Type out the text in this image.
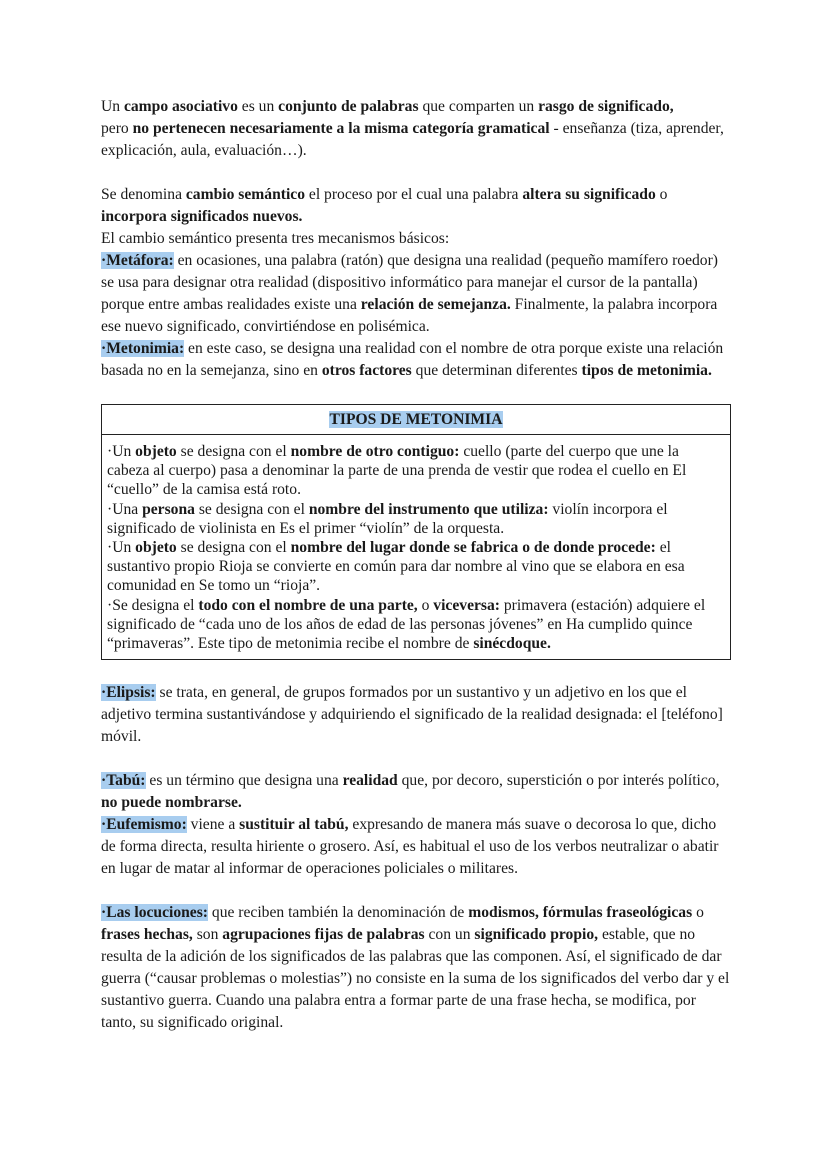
Un campo asociativo es un conjunto de palabras que comparten un rasgo de significado,
pero no pertenecen necesariamente a la misma categoría gramatical - enseñanza (tiza, aprender, explicación, aula, evaluación…).

Se denomina cambio semántico el proceso por el cual una palabra altera su significado o incorpora significados nuevos.

El cambio semántico presenta tres mecanismos básicos:

·Metáfora: en ocasiones, una palabra (ratón) que designa una realidad (pequeño mamífero roedor) se usa para designar otra realidad (dispositivo informático para manejar el cursor de la pantalla) porque entre ambas realidades existe una relación de semejanza. Finalmente, la palabra incorpora ese nuevo significado, convirtiéndose en polisémica.

·Metonimia: en este caso, se designa una realidad con el nombre de otra porque existe una relación basada no en la semejanza, sino en otros factores que determinan diferentes tipos de metonimia.

TIPOS DE METONIMIA

·Un objeto se designa con el nombre de otro contiguo: cuello (parte del cuerpo que une la cabeza al cuerpo) pasa a denominar la parte de una prenda de vestir que rodea el cuello en El “cuello” de la camisa está roto.

·Una persona se designa con el nombre del instrumento que utiliza: violín incorpora el significado de violinista en Es el primer “violín” de la orquesta.

·Un objeto se designa con el nombre del lugar donde se fabrica o de donde procede: el sustantivo propio Rioja se convierte en común para dar nombre al vino que se elabora en esa comunidad en Se tomo un “rioja”.

·Se designa el todo con el nombre de una parte, o viceversa: primavera (estación) adquiere el significado de “cada uno de los años de edad de las personas jóvenes” en Ha cumplido quince “primaveras”. Este tipo de metonimia recibe el nombre de sinécdoque.

·Elipsis: se trata, en general, de grupos formados por un sustantivo y un adjetivo en los que el adjetivo termina sustantivándose y adquiriendo el significado de la realidad designada: el [teléfono] móvil.

·Tabú: es un término que designa una realidad que, por decoro, superstición o por interés político, no puede nombrarse.

·Eufemismo: viene a sustituir al tabú, expresando de manera más suave o decorosa lo que, dicho de forma directa, resulta hiriente o grosero. Así, es habitual el uso de los verbos neutralizar o abatir en lugar de matar al informar de operaciones policiales o militares.

·Las locuciones: que reciben también la denominación de modismos, fórmulas fraseológicas o frases hechas, son agrupaciones fijas de palabras con un significado propio, estable, que no resulta de la adición de los significados de las palabras que las componen. Así, el significado de dar guerra (“causar problemas o molestias”) no consiste en la suma de los significados del verbo dar y el sustantivo guerra. Cuando una palabra entra a formar parte de una frase hecha, se modifica, por tanto, su significado original.
